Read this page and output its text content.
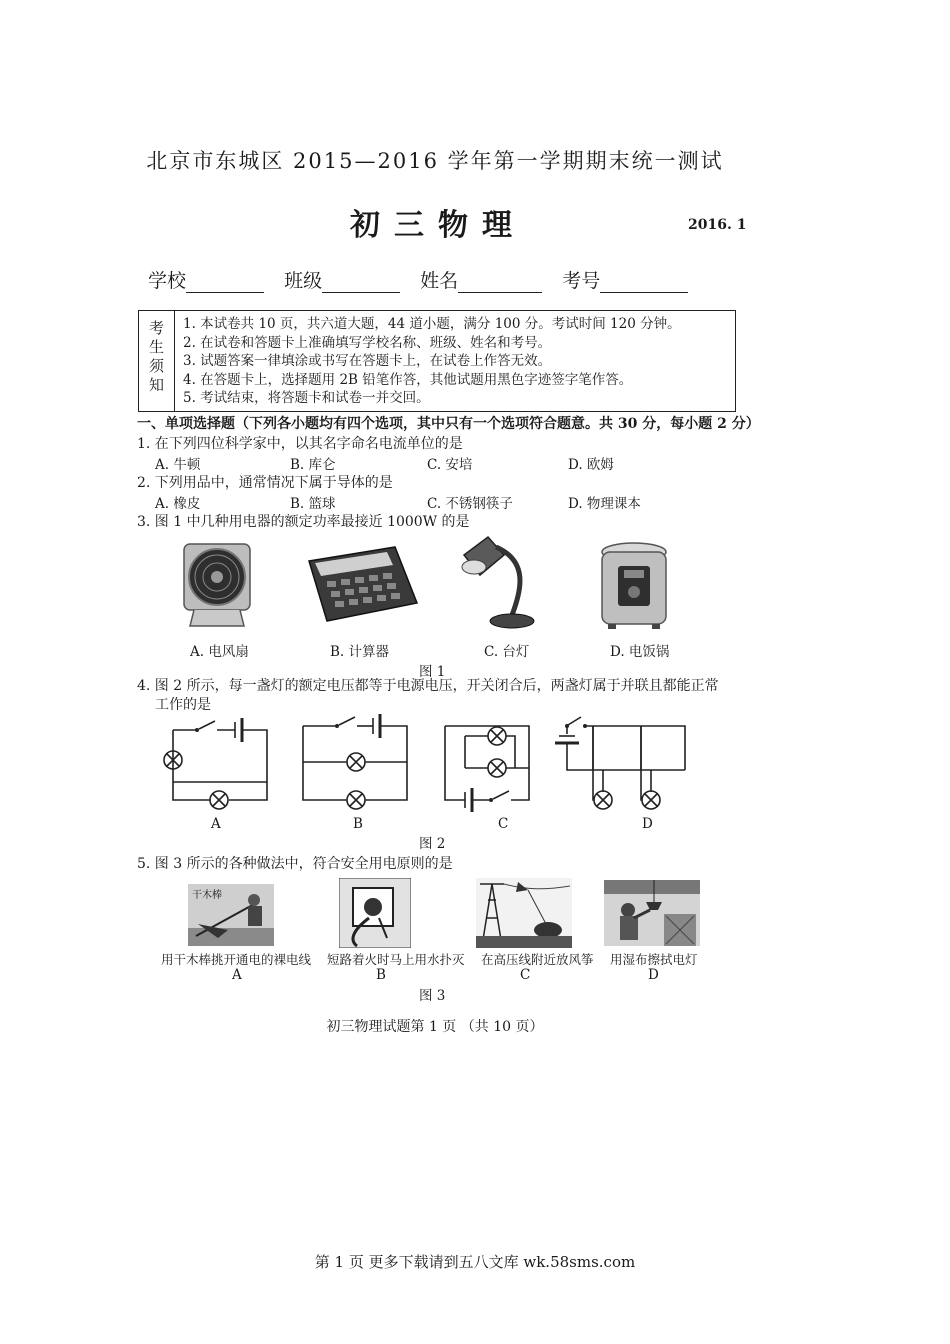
北京市东城区 2015—2016 学年第一学期期末统一测试
初三物理	2016. 1
学校	班级	姓名	考号
考
生
须
知
1. 本试卷共 10 页，共六道大题，44 道小题，满分 100 分。考试时间 120 分钟。
2. 在试卷和答题卡上准确填写学校名称、班级、姓名和考号。
3. 试题答案一律填涂或书写在答题卡上，在试卷上作答无效。
4. 在答题卡上，选择题用 2B 铅笔作答，其他试题用黑色字迹签字笔作答。
5. 考试结束，将答题卡和试卷一并交回。
一、单项选择题（下列各小题均有四个选项，其中只有一个选项符合题意。共 30 分，每小题 2 分）
1. 在下列四位科学家中，以其名字命名电流单位的是
A. 牛顿	B. 库仑	C. 安培	D. 欧姆
2. 下列用品中，通常情况下属于导体的是
A. 橡皮	B. 篮球	C. 不锈钢筷子	D. 物理课本
3. 图 1 中几种用电器的额定功率最接近 1000W 的是
A. 电风扇	B. 计算器	C. 台灯	D. 电饭锅
图 1
4. 图 2 所示，每一盏灯的额定电压都等于电源电压，开关闭合后，两盏灯属于并联且都能正常
工作的是
A	B	C	D
图 2
5. 图 3 所示的各种做法中，符合安全用电原则的是
干木棒
用干木棒挑开通电的裸电线 短路着火时马上用水扑灭 在高压线附近放风筝 用湿布擦拭电灯
A	B	C	D
图 3
初三物理试题第 1 页 （共 10 页）
第 1 页 更多下载请到五八文库 wk.58sms.com
